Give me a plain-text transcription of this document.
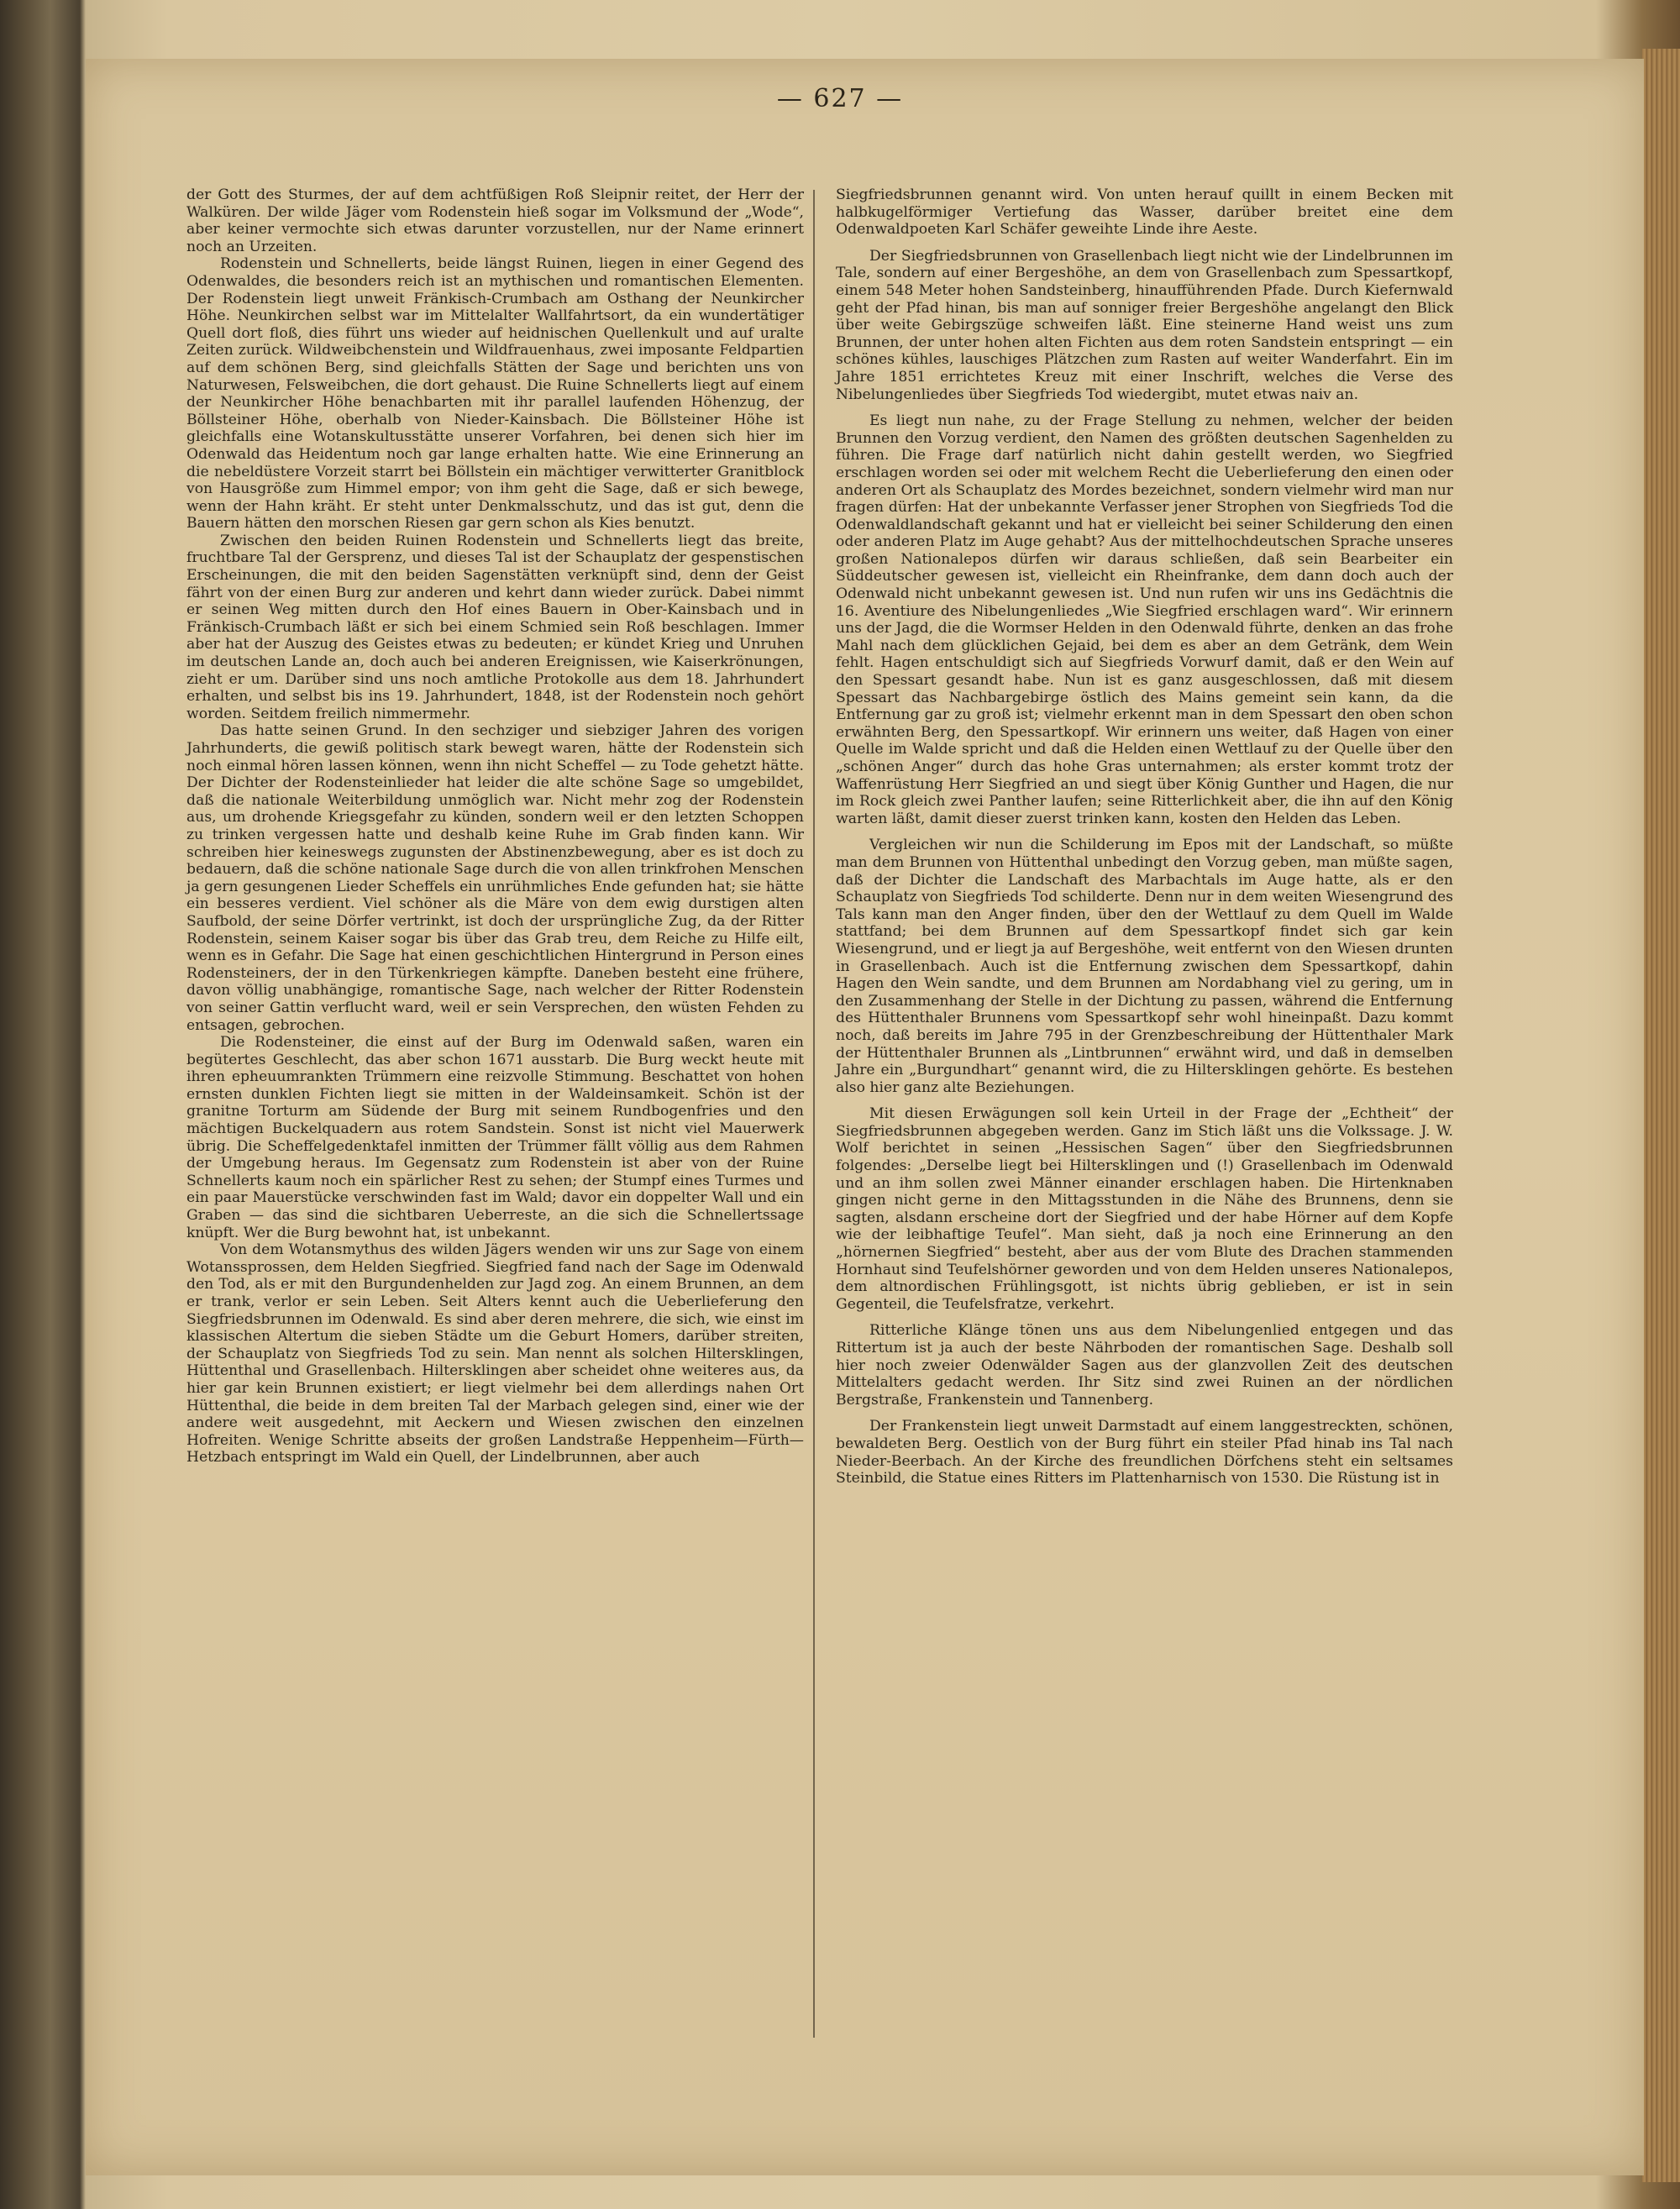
— 627 —

der Gott des Sturmes, der auf dem achtfüßigen Roß Sleipnir reitet, der Herr der Walküren. Der wilde Jäger vom Rodenstein hieß sogar im Volksmund der „Wode“, aber keiner vermochte sich etwas darunter vorzustellen, nur der Name erinnert noch an Urzeiten.

Rodenstein und Schnellerts, beide längst Ruinen, liegen in einer Gegend des Odenwaldes, die besonders reich ist an mythischen und romantischen Elementen. Der Rodenstein liegt unweit Fränkisch-Crumbach am Osthang der Neunkircher Höhe. Neunkirchen selbst war im Mittelalter Wallfahrtsort, da ein wundertätiger Quell dort floß, dies führt uns wieder auf heidnischen Quellenkult und auf uralte Zeiten zurück. Wildweibchenstein und Wildfrauenhaus, zwei imposante Feldpartien auf dem schönen Berg, sind gleichfalls Stätten der Sage und berichten uns von Naturwesen, Felsweibchen, die dort gehaust. Die Ruine Schnellerts liegt auf einem der Neunkircher Höhe benachbarten mit ihr parallel laufenden Höhenzug, der Böllsteiner Höhe, oberhalb von Nieder-Kainsbach. Die Böllsteiner Höhe ist gleichfalls eine Wotanskultusstätte unserer Vorfahren, bei denen sich hier im Odenwald das Heidentum noch gar lange erhalten hatte. Wie eine Erinnerung an die nebeldüstere Vorzeit starrt bei Böllstein ein mächtiger verwitterter Granitblock von Hausgröße zum Himmel empor; von ihm geht die Sage, daß er sich bewege, wenn der Hahn kräht. Er steht unter Denkmalsschutz, und das ist gut, denn die Bauern hätten den morschen Riesen gar gern schon als Kies benutzt.

Zwischen den beiden Ruinen Rodenstein und Schnellerts liegt das breite, fruchtbare Tal der Gersprenz, und dieses Tal ist der Schauplatz der gespenstischen Erscheinungen, die mit den beiden Sagenstätten verknüpft sind, denn der Geist fährt von der einen Burg zur anderen und kehrt dann wieder zurück. Dabei nimmt er seinen Weg mitten durch den Hof eines Bauern in Ober-Kainsbach und in Fränkisch-Crumbach läßt er sich bei einem Schmied sein Roß beschlagen. Immer aber hat der Auszug des Geistes etwas zu bedeuten; er kündet Krieg und Unruhen im deutschen Lande an, doch auch bei anderen Ereignissen, wie Kaiserkrönungen, zieht er um. Darüber sind uns noch amtliche Protokolle aus dem 18. Jahrhundert erhalten, und selbst bis ins 19. Jahrhundert, 1848, ist der Rodenstein noch gehört worden. Seitdem freilich nimmermehr.

Das hatte seinen Grund. In den sechziger und siebziger Jahren des vorigen Jahrhunderts, die gewiß politisch stark bewegt waren, hätte der Rodenstein sich noch einmal hören lassen können, wenn ihn nicht Scheffel — zu Tode gehetzt hätte. Der Dichter der Rodensteinlieder hat leider die alte schöne Sage so umgebildet, daß die nationale Weiterbildung unmöglich war. Nicht mehr zog der Rodenstein aus, um drohende Kriegsgefahr zu künden, sondern weil er den letzten Schoppen zu trinken vergessen hatte und deshalb keine Ruhe im Grab finden kann. Wir schreiben hier keineswegs zugunsten der Abstinenzbewegung, aber es ist doch zu bedauern, daß die schöne nationale Sage durch die von allen trinkfrohen Menschen ja gern gesungenen Lieder Scheffels ein unrühmliches Ende gefunden hat; sie hätte ein besseres verdient. Viel schöner als die Märe von dem ewig durstigen alten Saufbold, der seine Dörfer vertrinkt, ist doch der ursprüngliche Zug, da der Ritter Rodenstein, seinem Kaiser sogar bis über das Grab treu, dem Reiche zu Hilfe eilt, wenn es in Gefahr. Die Sage hat einen geschichtlichen Hintergrund in Person eines Rodensteiners, der in den Türkenkriegen kämpfte. Daneben besteht eine frühere, davon völlig unabhängige, romantische Sage, nach welcher der Ritter Rodenstein von seiner Gattin verflucht ward, weil er sein Versprechen, den wüsten Fehden zu entsagen, gebrochen.

Die Rodensteiner, die einst auf der Burg im Odenwald saßen, waren ein begütertes Geschlecht, das aber schon 1671 ausstarb. Die Burg weckt heute mit ihren epheuumrankten Trümmern eine reizvolle Stimmung. Beschattet von hohen ernsten dunklen Fichten liegt sie mitten in der Waldeinsamkeit. Schön ist der granitne Torturm am Südende der Burg mit seinem Rundbogenfries und den mächtigen Buckelquadern aus rotem Sandstein. Sonst ist nicht viel Mauerwerk übrig. Die Scheffelgedenktafel inmitten der Trümmer fällt völlig aus dem Rahmen der Umgebung heraus. Im Gegensatz zum Rodenstein ist aber von der Ruine Schnellerts kaum noch ein spärlicher Rest zu sehen; der Stumpf eines Turmes und ein paar Mauerstücke verschwinden fast im Wald; davor ein doppelter Wall und ein Graben — das sind die sichtbaren Ueberreste, an die sich die Schnellertssage knüpft. Wer die Burg bewohnt hat, ist unbekannt.

Von dem Wotansmythus des wilden Jägers wenden wir uns zur Sage von einem Wotanssprossen, dem Helden Siegfried. Siegfried fand nach der Sage im Odenwald den Tod, als er mit den Burgundenhelden zur Jagd zog. An einem Brunnen, an dem er trank, verlor er sein Leben. Seit Alters kennt auch die Ueberlieferung den Siegfriedsbrunnen im Odenwald. Es sind aber deren mehrere, die sich, wie einst im klassischen Altertum die sieben Städte um die Geburt Homers, darüber streiten, der Schauplatz von Siegfrieds Tod zu sein. Man nennt als solchen Hiltersklingen, Hüttenthal und Grasellenbach. Hiltersklingen aber scheidet ohne weiteres aus, da hier gar kein Brunnen existiert; er liegt vielmehr bei dem allerdings nahen Ort Hüttenthal, die beide in dem breiten Tal der Marbach gelegen sind, einer wie der andere weit ausgedehnt, mit Aeckern und Wiesen zwischen den einzelnen Hofreiten. Wenige Schritte abseits der großen Landstraße Heppenheim—Fürth—Hetzbach entspringt im Wald ein Quell, der Lindelbrunnen, aber auch

Siegfriedsbrunnen genannt wird. Von unten herauf quillt in einem Becken mit halbkugelförmiger Vertiefung das Wasser, darüber breitet eine dem Odenwaldpoeten Karl Schäfer geweihte Linde ihre Aeste.

Der Siegfriedsbrunnen von Grasellenbach liegt nicht wie der Lindelbrunnen im Tale, sondern auf einer Bergeshöhe, an dem von Grasellenbach zum Spessartkopf, einem 548 Meter hohen Sandsteinberg, hinaufführenden Pfade. Durch Kiefernwald geht der Pfad hinan, bis man auf sonniger freier Bergeshöhe angelangt den Blick über weite Gebirgszüge schweifen läßt. Eine steinerne Hand weist uns zum Brunnen, der unter hohen alten Fichten aus dem roten Sandstein entspringt — ein schönes kühles, lauschiges Plätzchen zum Rasten auf weiter Wanderfahrt. Ein im Jahre 1851 errichtetes Kreuz mit einer Inschrift, welches die Verse des Nibelungenliedes über Siegfrieds Tod wiedergibt, mutet etwas naiv an.

Es liegt nun nahe, zu der Frage Stellung zu nehmen, welcher der beiden Brunnen den Vorzug verdient, den Namen des größten deutschen Sagenhelden zu führen. Die Frage darf natürlich nicht dahin gestellt werden, wo Siegfried erschlagen worden sei oder mit welchem Recht die Ueberlieferung den einen oder anderen Ort als Schauplatz des Mordes bezeichnet, sondern vielmehr wird man nur fragen dürfen: Hat der unbekannte Verfasser jener Strophen von Siegfrieds Tod die Odenwaldlandschaft gekannt und hat er vielleicht bei seiner Schilderung den einen oder anderen Platz im Auge gehabt? Aus der mittelhochdeutschen Sprache unseres großen Nationalepos dürfen wir daraus schließen, daß sein Bearbeiter ein Süddeutscher gewesen ist, vielleicht ein Rheinfranke, dem dann doch auch der Odenwald nicht unbekannt gewesen ist. Und nun rufen wir uns ins Gedächtnis die 16. Aventiure des Nibelungenliedes „Wie Siegfried erschlagen ward“. Wir erinnern uns der Jagd, die die Wormser Helden in den Odenwald führte, denken an das frohe Mahl nach dem glücklichen Gejaid, bei dem es aber an dem Getränk, dem Wein fehlt. Hagen entschuldigt sich auf Siegfrieds Vorwurf damit, daß er den Wein auf den Spessart gesandt habe. Nun ist es ganz ausgeschlossen, daß mit diesem Spessart das Nachbargebirge östlich des Mains gemeint sein kann, da die Entfernung gar zu groß ist; vielmehr erkennt man in dem Spessart den oben schon erwähnten Berg, den Spessartkopf. Wir erinnern uns weiter, daß Hagen von einer Quelle im Walde spricht und daß die Helden einen Wettlauf zu der Quelle über den „schönen Anger“ durch das hohe Gras unternahmen; als erster kommt trotz der Waffenrüstung Herr Siegfried an und siegt über König Gunther und Hagen, die nur im Rock gleich zwei Panther laufen; seine Ritterlichkeit aber, die ihn auf den König warten läßt, damit dieser zuerst trinken kann, kosten den Helden das Leben.

Vergleichen wir nun die Schilderung im Epos mit der Landschaft, so müßte man dem Brunnen von Hüttenthal unbedingt den Vorzug geben, man müßte sagen, daß der Dichter die Landschaft des Marbachtals im Auge hatte, als er den Schauplatz von Siegfrieds Tod schilderte. Denn nur in dem weiten Wiesengrund des Tals kann man den Anger finden, über den der Wettlauf zu dem Quell im Walde stattfand; bei dem Brunnen auf dem Spessartkopf findet sich gar kein Wiesengrund, und er liegt ja auf Bergeshöhe, weit entfernt von den Wiesen drunten in Grasellenbach. Auch ist die Entfernung zwischen dem Spessartkopf, dahin Hagen den Wein sandte, und dem Brunnen am Nordabhang viel zu gering, um in den Zusammenhang der Stelle in der Dichtung zu passen, während die Entfernung des Hüttenthaler Brunnens vom Spessartkopf sehr wohl hineinpaßt. Dazu kommt noch, daß bereits im Jahre 795 in der Grenzbeschreibung der Hüttenthaler Mark der Hüttenthaler Brunnen als „Lintbrunnen“ erwähnt wird, und daß in demselben Jahre ein „Burgundhart“ genannt wird, die zu Hiltersklingen gehörte. Es bestehen also hier ganz alte Beziehungen.

Mit diesen Erwägungen soll kein Urteil in der Frage der „Echtheit“ der Siegfriedsbrunnen abgegeben werden. Ganz im Stich läßt uns die Volkssage. J. W. Wolf berichtet in seinen „Hessischen Sagen“ über den Siegfriedsbrunnen folgendes: „Derselbe liegt bei Hiltersklingen und (!) Grasellenbach im Odenwald und an ihm sollen zwei Männer einander erschlagen haben. Die Hirtenknaben gingen nicht gerne in den Mittagsstunden in die Nähe des Brunnens, denn sie sagten, alsdann erscheine dort der Siegfried und der habe Hörner auf dem Kopfe wie der leibhaftige Teufel“. Man sieht, daß ja noch eine Erinnerung an den „hörnernen Siegfried“ besteht, aber aus der vom Blute des Drachen stammenden Hornhaut sind Teufelshörner geworden und von dem Helden unseres Nationalepos, dem altnordischen Frühlingsgott, ist nichts übrig geblieben, er ist in sein Gegenteil, die Teufelsfratze, verkehrt.

Ritterliche Klänge tönen uns aus dem Nibelungenlied entgegen und das Rittertum ist ja auch der beste Nährboden der romantischen Sage. Deshalb soll hier noch zweier Odenwälder Sagen aus der glanzvollen Zeit des deutschen Mittelalters gedacht werden. Ihr Sitz sind zwei Ruinen an der nördlichen Bergstraße, Frankenstein und Tannenberg.

Der Frankenstein liegt unweit Darmstadt auf einem langgestreckten, schönen, bewaldeten Berg. Oestlich von der Burg führt ein steiler Pfad hinab ins Tal nach Nieder-Beerbach. An der Kirche des freundlichen Dörfchens steht ein seltsames Steinbild, die Statue eines Ritters im Plattenharnisch von 1530. Die Rüstung ist in
